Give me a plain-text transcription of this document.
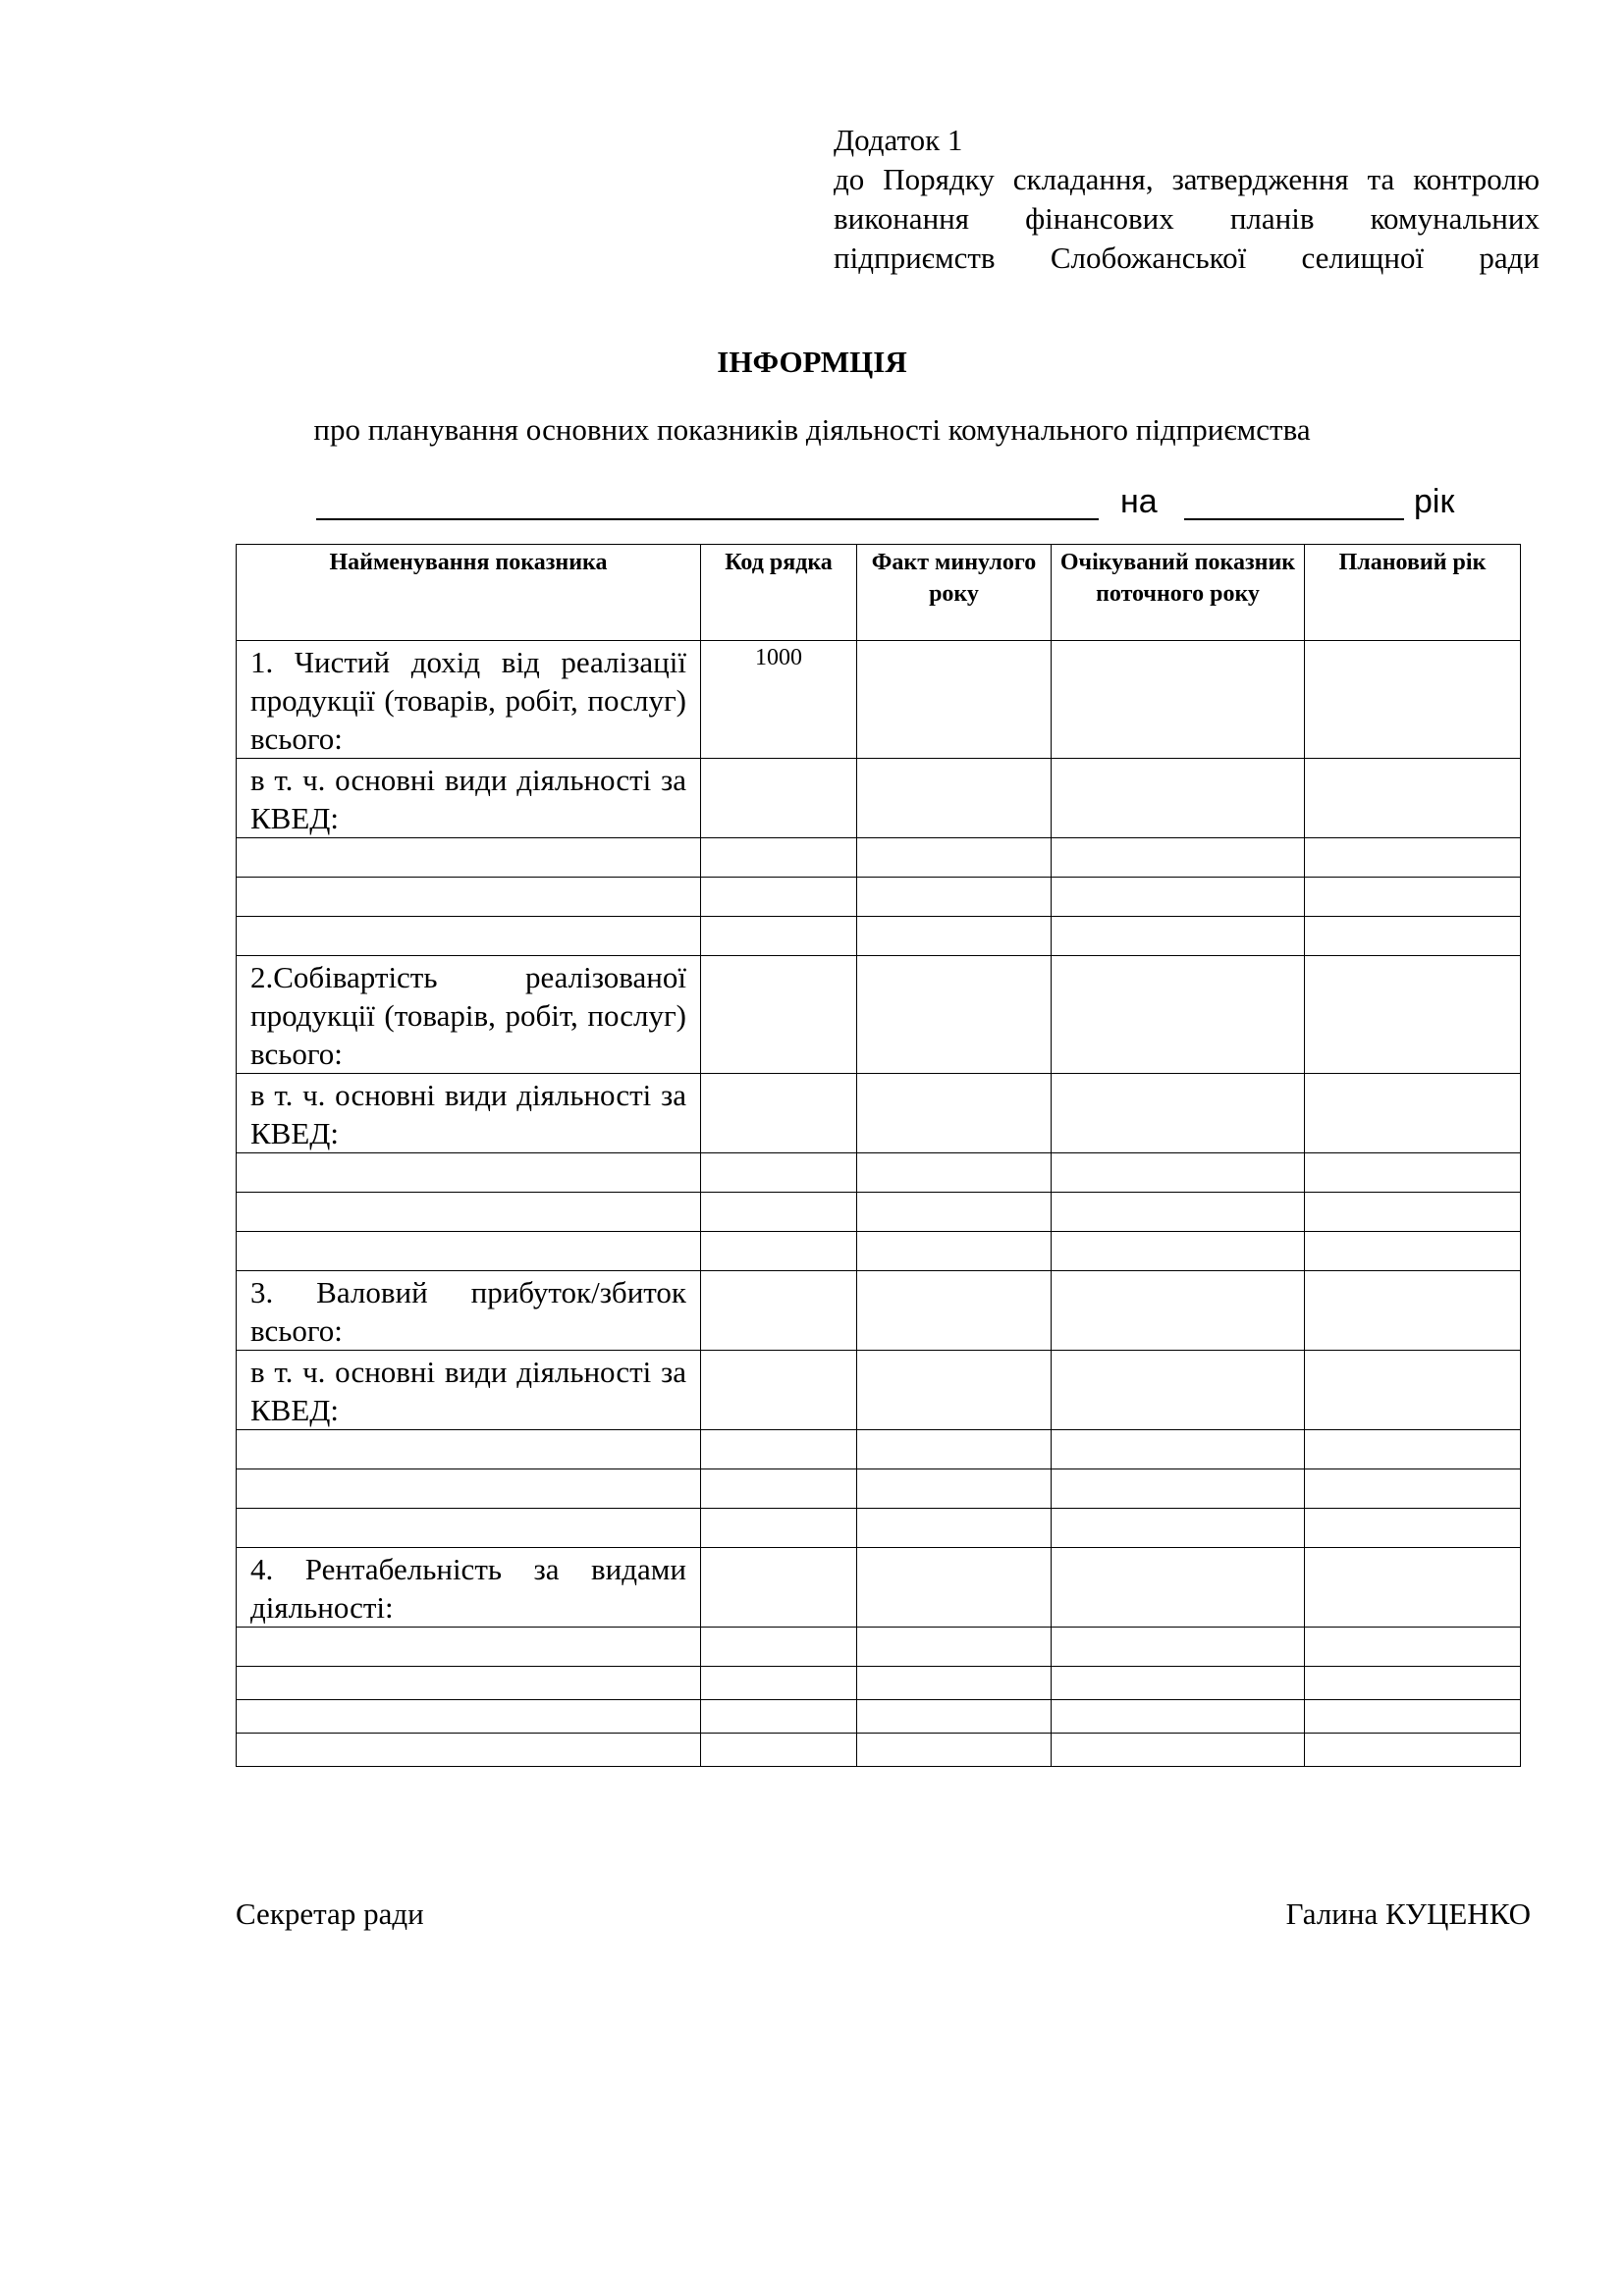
Додаток 1
до Порядку складання, затвердження та контролю
виконання фінансових планів комунальних
підприємств Слобожанської селищної ради
ІНФОРМЦІЯ
про планування основних показників діяльності комунального підприємства
на	рік
Найменування показника	Код рядка	Факт минулого року	Очікуваний показник поточного року	Плановий рік
1. Чистий дохід від реалізації продукції (товарів, робіт, послуг) всього:	1000			
в т. ч. основні види діяльності за КВЕД:				

2.Собівартість реалізованої продукції (товарів, робіт, послуг) всього:				
в т. ч. основні види діяльності за КВЕД:				

3. Валовий прибуток/збиток всього:				
в т. ч. основні види діяльності за КВЕД:				

4. Рентабельність за видами діяльності:				

Секретар ради	Галина КУЦЕНКО
